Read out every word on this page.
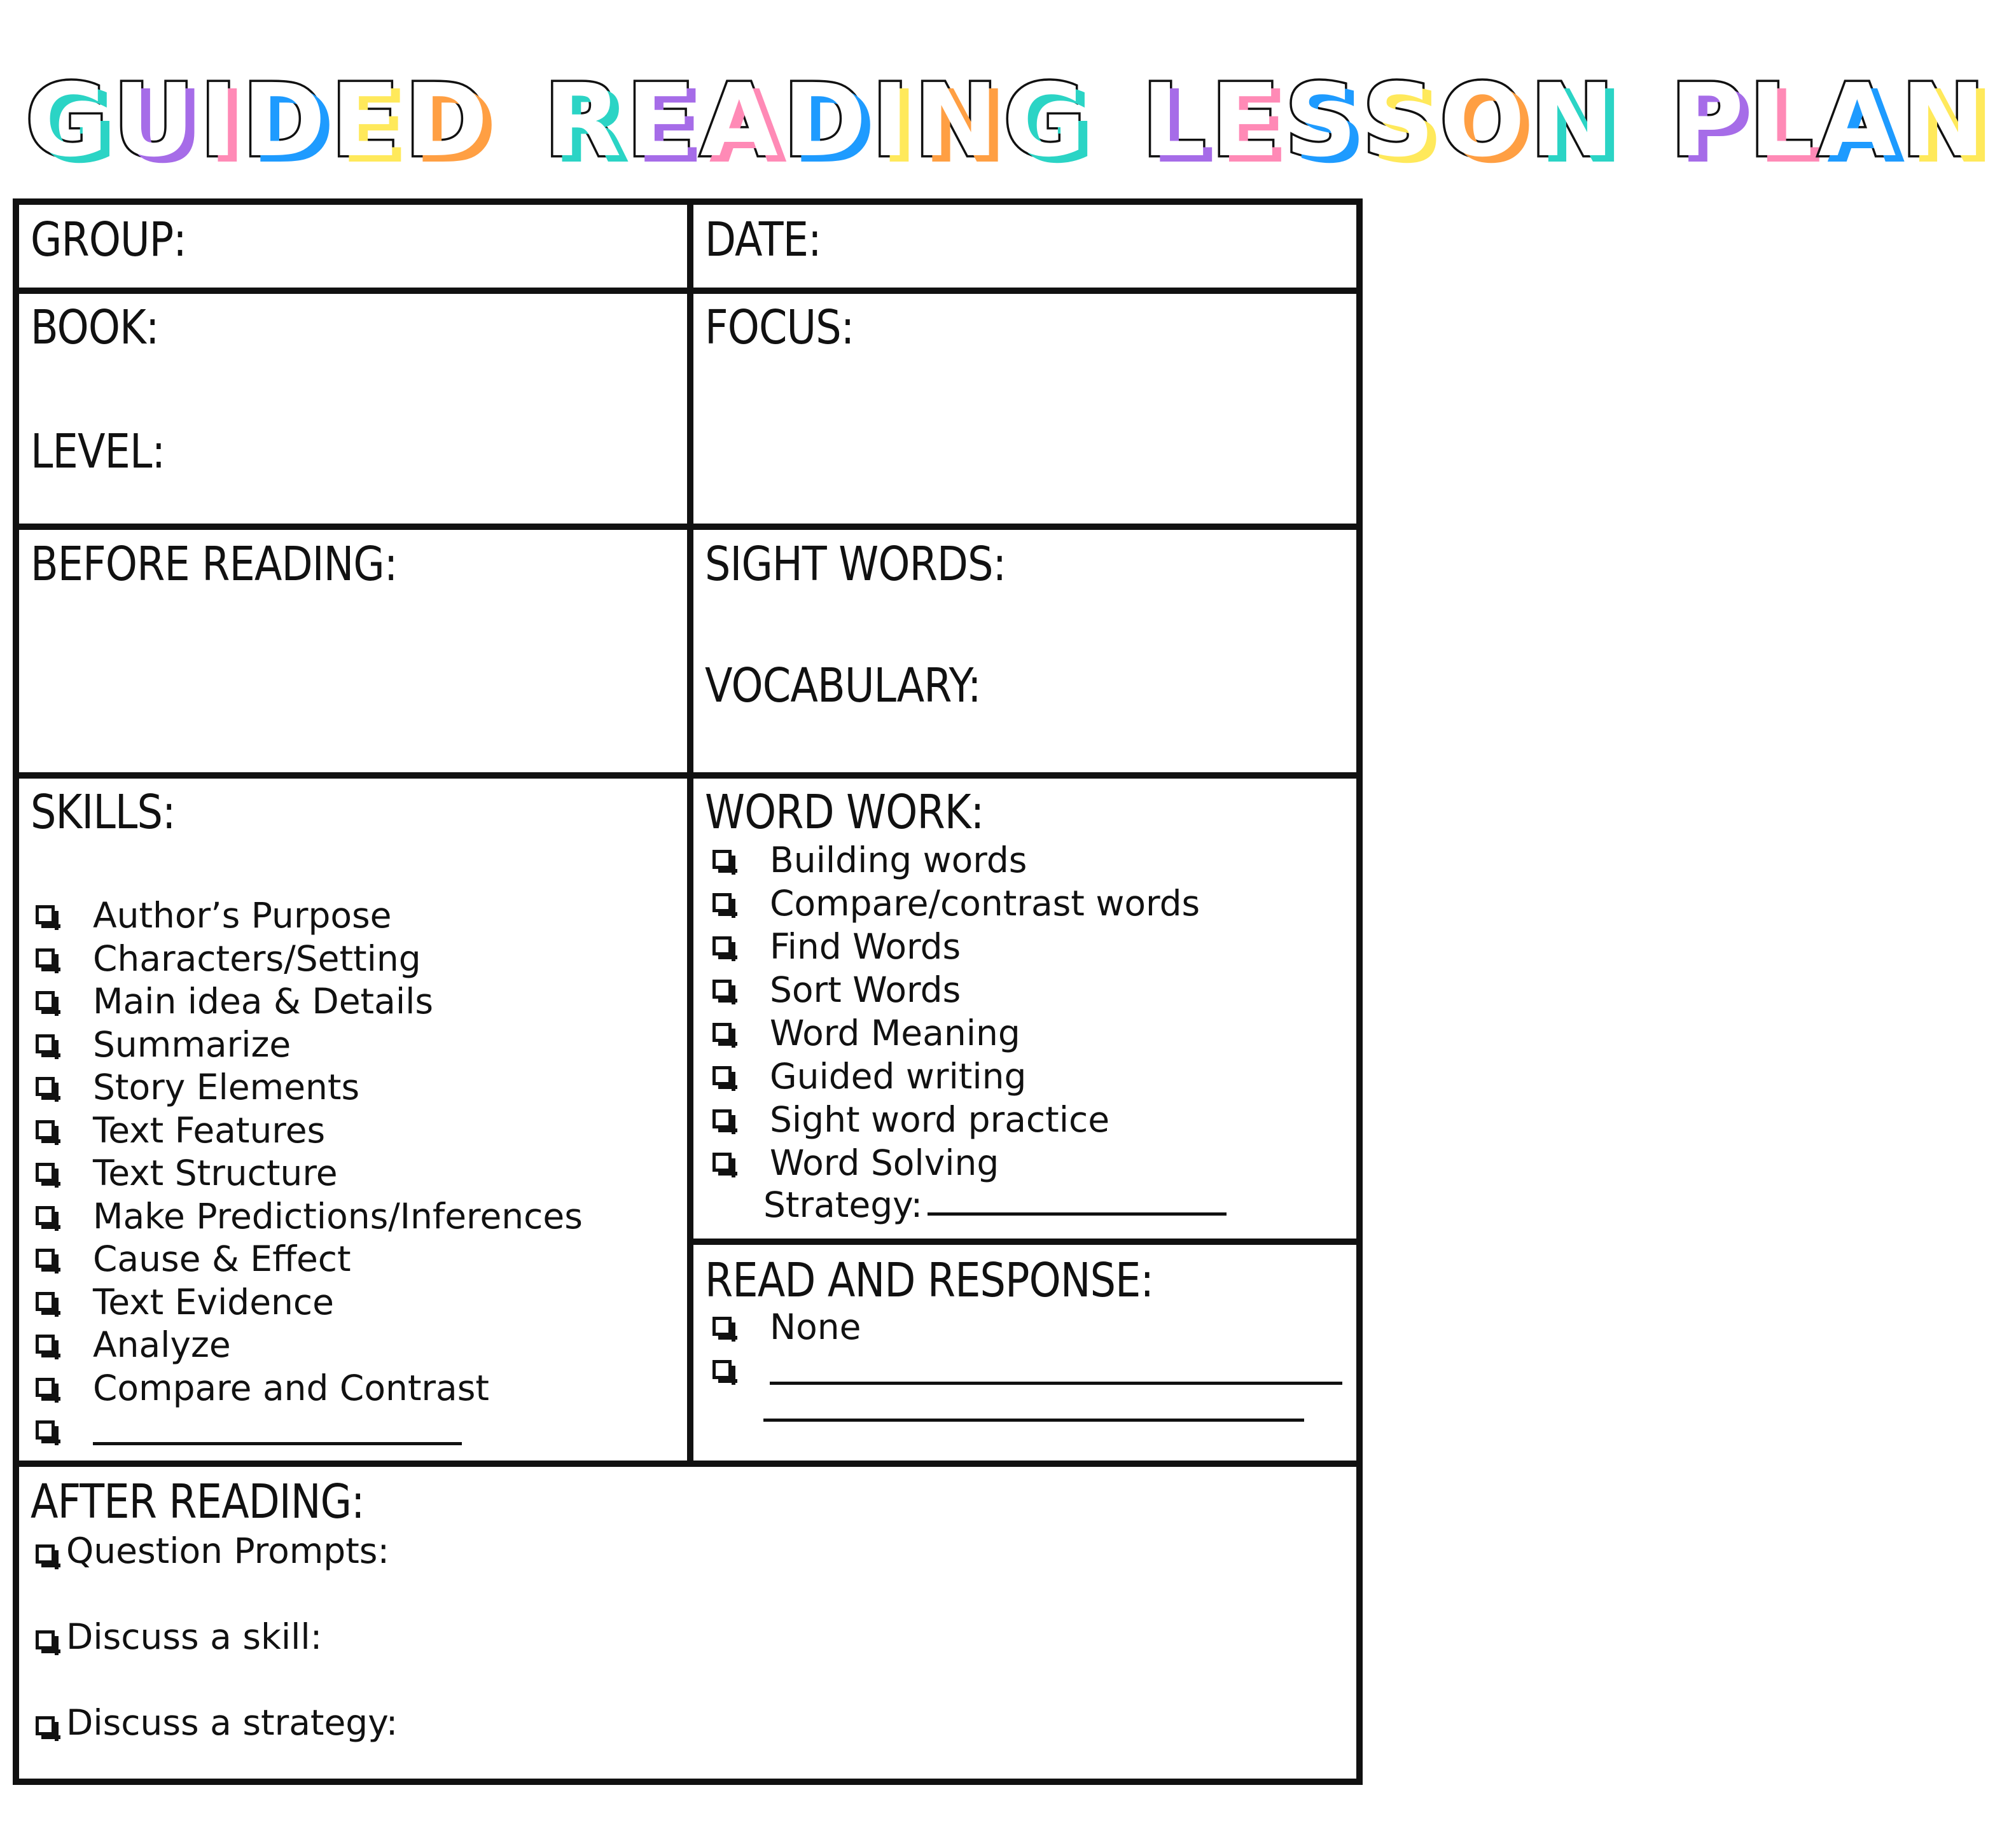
GUIDED READING LESSON PLAN
GROUP:	DATE:
BOOK:
LEVEL:
FOCUS:
BEFORE READING:	SIGHT WORDS:
VOCABULARY:
SKILLS:
Author’s Purpose
Characters/Setting
Main idea & Details
Summarize
Story Elements
Text Features
Text Structure
Make Predictions/Inferences
Cause & Effect
Text Evidence
Analyze
Compare and Contrast
WORD WORK:
Building words
Compare/contrast words
Find Words
Sort Words
Word Meaning
Guided writing
Sight word practice
Word Solving
Strategy:
READ AND RESPONSE:
None
AFTER READING:
Question Prompts:
Discuss a skill:
Discuss a strategy:
